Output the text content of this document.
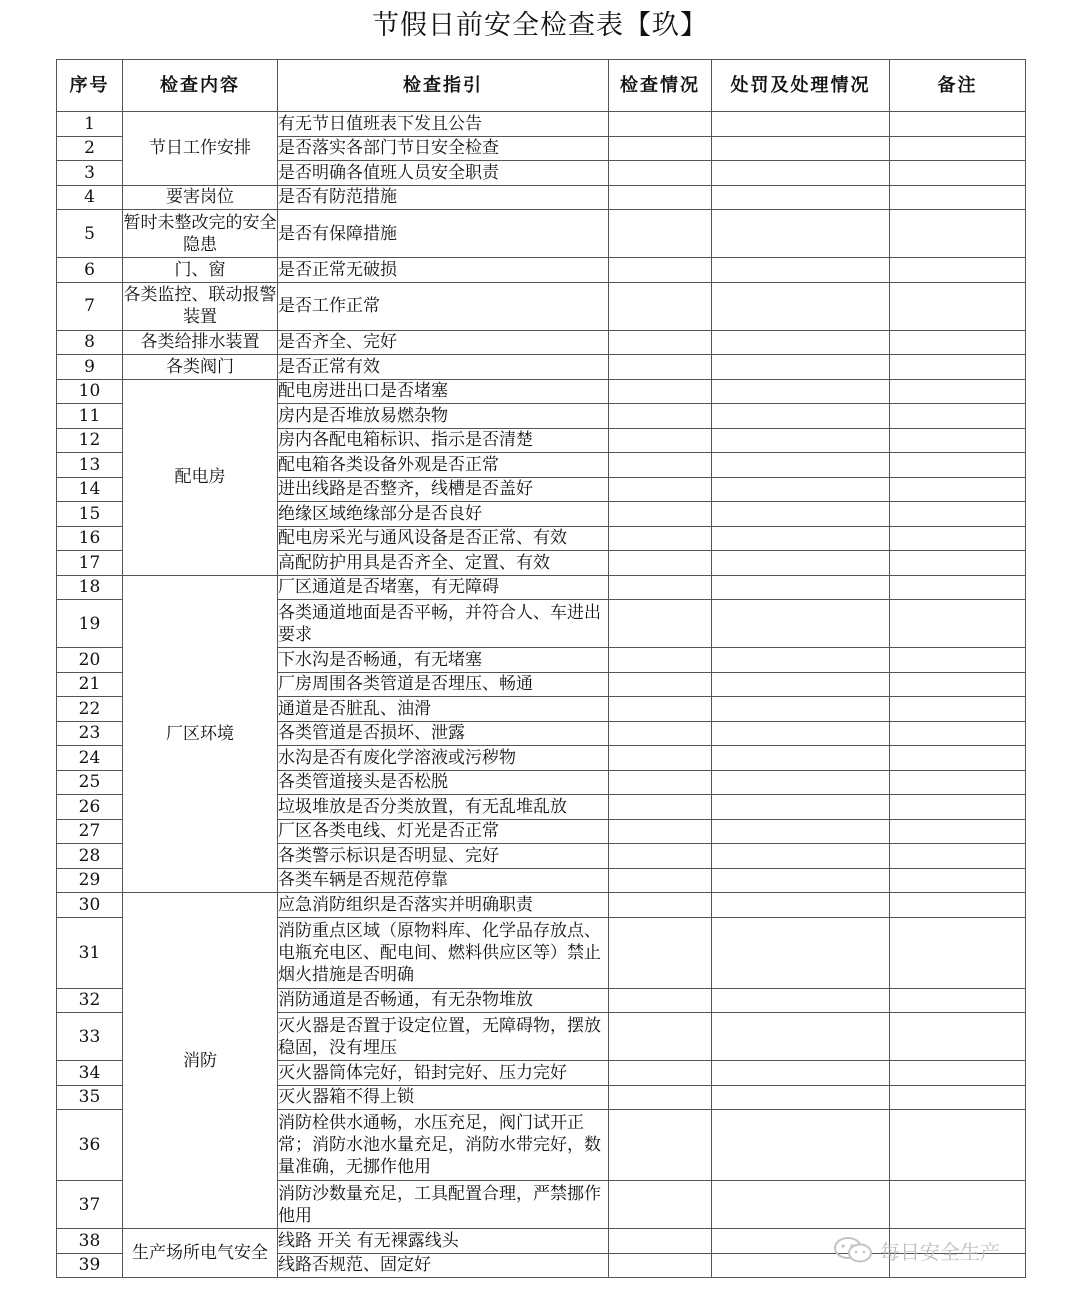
节假日前安全检查表【玖】
序号	检查内容	检查指引	检查情况	处罚及处理情况	备注
1	节日工作安排	有无节日值班表下发且公告			
2		是否落实各部门节日安全检查			
3		是否明确各值班人员安全职责			
4	要害岗位	是否有防范措施			
5	暂时未整改完的安全隐患	是否有保障措施			
6	门、窗	是否正常无破损			
7	各类监控、联动报警装置	是否工作正常			
8	各类给排水装置	是否齐全、完好			
9	各类阀门	是否正常有效			
10	配电房	配电房进出口是否堵塞			
11		房内是否堆放易燃杂物			
12		房内各配电箱标识、指示是否清楚			
13		配电箱各类设备外观是否正常			
14		进出线路是否整齐，线槽是否盖好			
15		绝缘区域绝缘部分是否良好			
16		配电房采光与通风设备是否正常、有效			
17		高配防护用具是否齐全、定置、有效			
18	厂区环境	厂区通道是否堵塞，有无障碍			
19		各类通道地面是否平畅，并符合人、车进出要求			
20		下水沟是否畅通，有无堵塞			
21		厂房周围各类管道是否埋压、畅通			
22		通道是否脏乱、油滑			
23		各类管道是否损坏、泄露			
24		水沟是否有废化学溶液或污秽物			
25		各类管道接头是否松脱			
26		垃圾堆放是否分类放置，有无乱堆乱放			
27		厂区各类电线、灯光是否正常			
28		各类警示标识是否明显、完好			
29		各类车辆是否规范停靠			
30	消防	应急消防组织是否落实并明确职责			
31		消防重点区域（原物料库、化学品存放点、电瓶充电区、配电间、燃料供应区等）禁止烟火措施是否明确			
32		消防通道是否畅通，有无杂物堆放			
33		灭火器是否置于设定位置，无障碍物，摆放稳固，没有埋压			
34		灭火器筒体完好，铅封完好、压力完好			
35		灭火器箱不得上锁			
36		消防栓供水通畅，水压充足，阀门试开正常；消防水池水量充足，消防水带完好，数量准确，无挪作他用			
37		消防沙数量充足，工具配置合理，严禁挪作他用			
38	生产场所电气安全	线路 开关 有无裸露线头			
39		线路否规范、固定好			
每日安全生产
